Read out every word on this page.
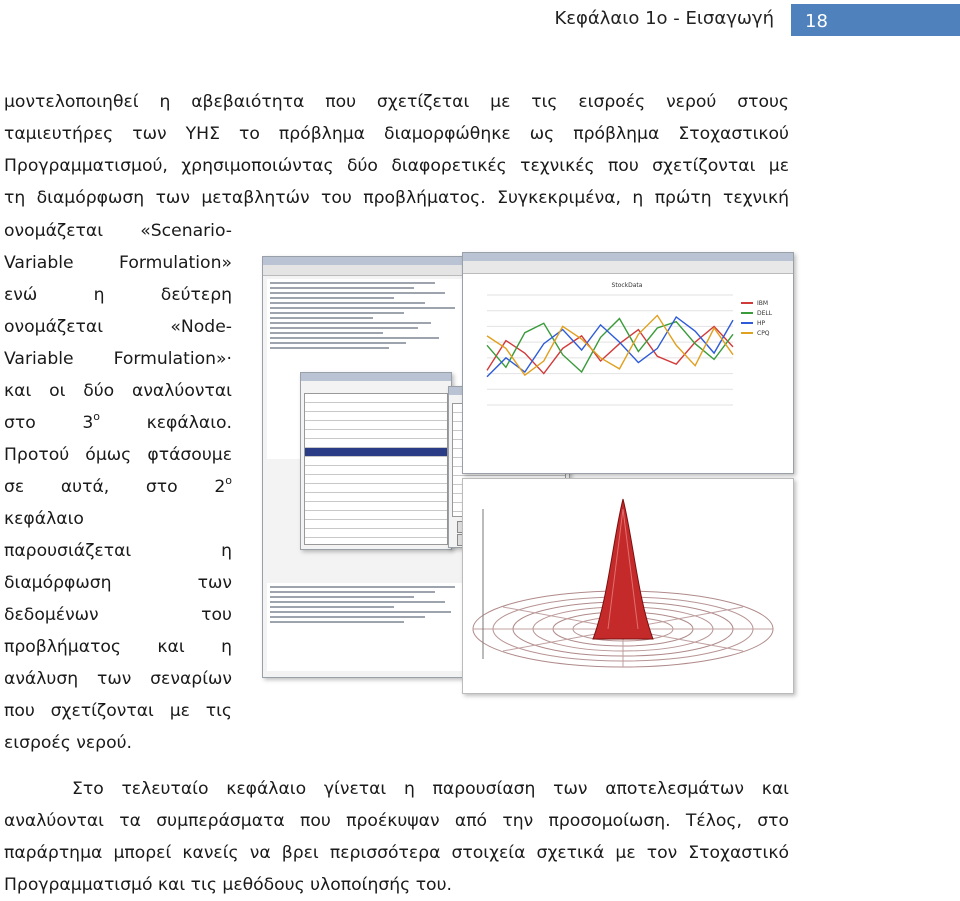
Κεφάλαιο 1ο - Εισαγωγή 18
μοντελοποιηθεί η αβεβαιότητα που σχετίζεται με τις εισροές νερού στους
ταμιευτήρες των ΥΗΣ το πρόβλημα διαμορφώθηκε ως πρόβλημα Στοχαστικού
Προγραμματισμού, χρησιμοποιώντας δύο διαφορετικές τεχνικές που σχετίζονται με
τη διαμόρφωση των μεταβλητών του προβλήματος. Συγκεκριμένα, η πρώτη τεχνική
ονομάζεται «Scenario-
Variable Formulation»
ενώ η δεύτερη
ονομάζεται «Node-
Variable Formulation»·
και οι δύο αναλύονται
στο	$3^o$	κεφάλαιο.
Προτού όμως φτάσουμε
σε αυτά, στο $2^o$
κεφάλαιο
παρουσιάζεται η
διαμόρφωση των
δεδομένων του
προβλήματος και η
ανάλυση των σεναρίων
που σχετίζονται με τις
εισροές νερού.
StockData
IBM
DELL
HP
CPQ
Στο τελευταίο κεφάλαιο γίνεται η παρουσίαση των αποτελεσμάτων και
αναλύονται τα συμπεράσματα που προέκυψαν από την προσομοίωση. Τέλος, στο
παράρτημα μπορεί κανείς να βρει περισσότερα στοιχεία σχετικά με τον Στοχαστικό
Προγραμματισμό και τις μεθόδους υλοποίησής του.
